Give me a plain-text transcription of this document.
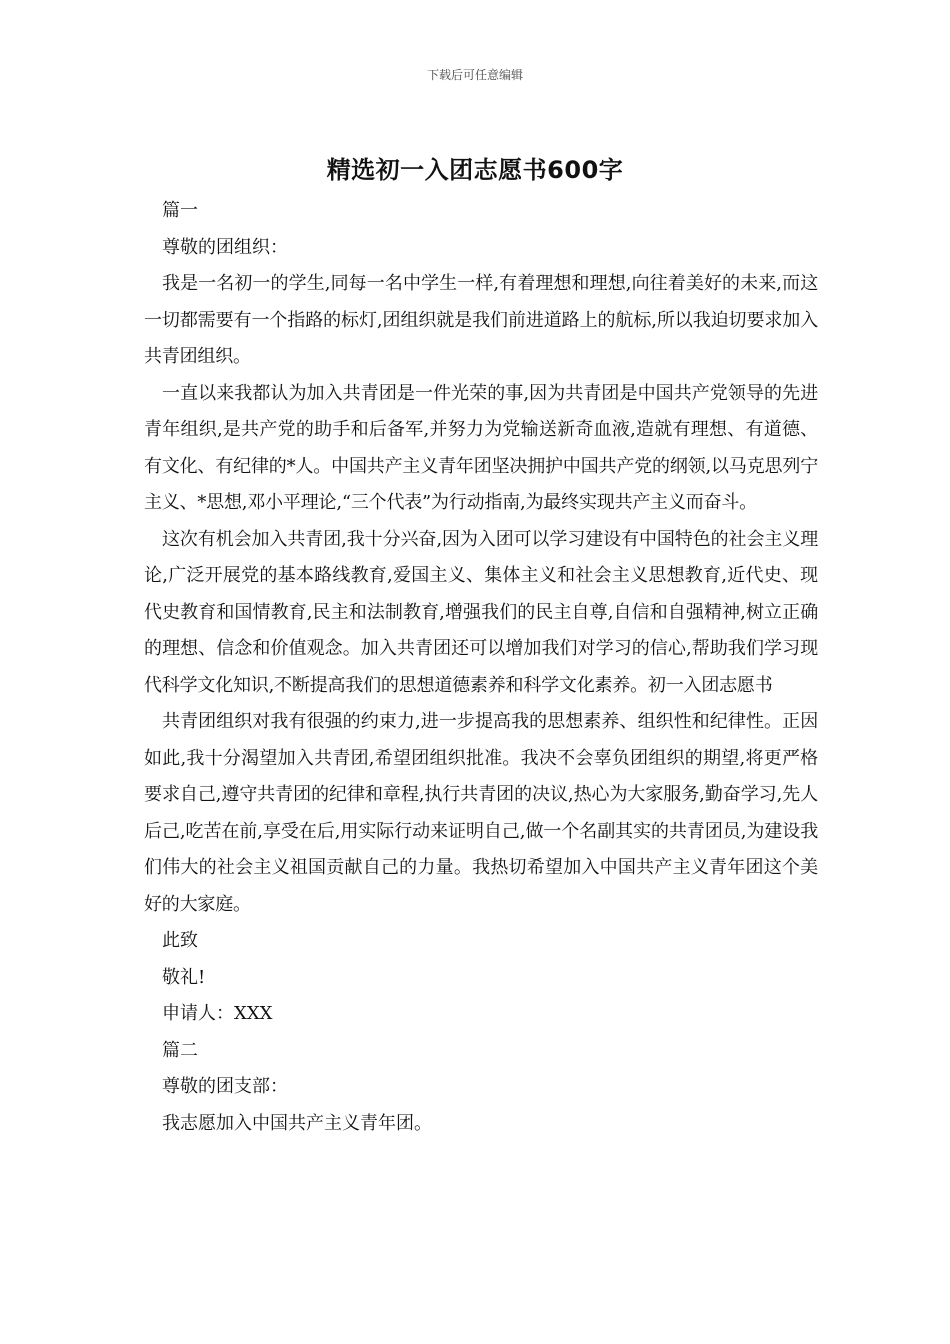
下载后可任意编辑
精选初一入团志愿书600字
篇一
尊敬的团组织：
我是一名初一的学生,同每一名中学生一样,有着理想和理想,向往着美好的未来,而这一切都需要有一个指路的标灯,团组织就是我们前进道路上的航标,所以我迫切要求加入共青团组织。
一直以来我都认为加入共青团是一件光荣的事,因为共青团是中国共产党领导的先进青年组织,是共产党的助手和后备军,并努力为党输送新奇血液,造就有理想、有道德、有文化、有纪律的*人。中国共产主义青年团坚决拥护中国共产党的纲领,以马克思列宁主义、*思想,邓小平理论,“三个代表”为行动指南,为最终实现共产主义而奋斗。
这次有机会加入共青团,我十分兴奋,因为入团可以学习建设有中国特色的社会主义理论,广泛开展党的基本路线教育,爱国主义、集体主义和社会主义思想教育,近代史、现代史教育和国情教育,民主和法制教育,增强我们的民主自尊,自信和自强精神,树立正确的理想、信念和价值观念。加入共青团还可以增加我们对学习的信心,帮助我们学习现代科学文化知识,不断提高我们的思想道德素养和科学文化素养。初一入团志愿书
共青团组织对我有很强的约束力,进一步提高我的思想素养、组织性和纪律性。正因如此,我十分渴望加入共青团,希望团组织批准。我决不会辜负团组织的期望,将更严格要求自己,遵守共青团的纪律和章程,执行共青团的决议,热心为大家服务,勤奋学习,先人后己,吃苦在前,享受在后,用实际行动来证明自己,做一个名副其实的共青团员,为建设我们伟大的社会主义祖国贡献自己的力量。我热切希望加入中国共产主义青年团这个美好的大家庭。
此致
敬礼!
申请人：XXX
篇二
尊敬的团支部：
我志愿加入中国共产主义青年团。
